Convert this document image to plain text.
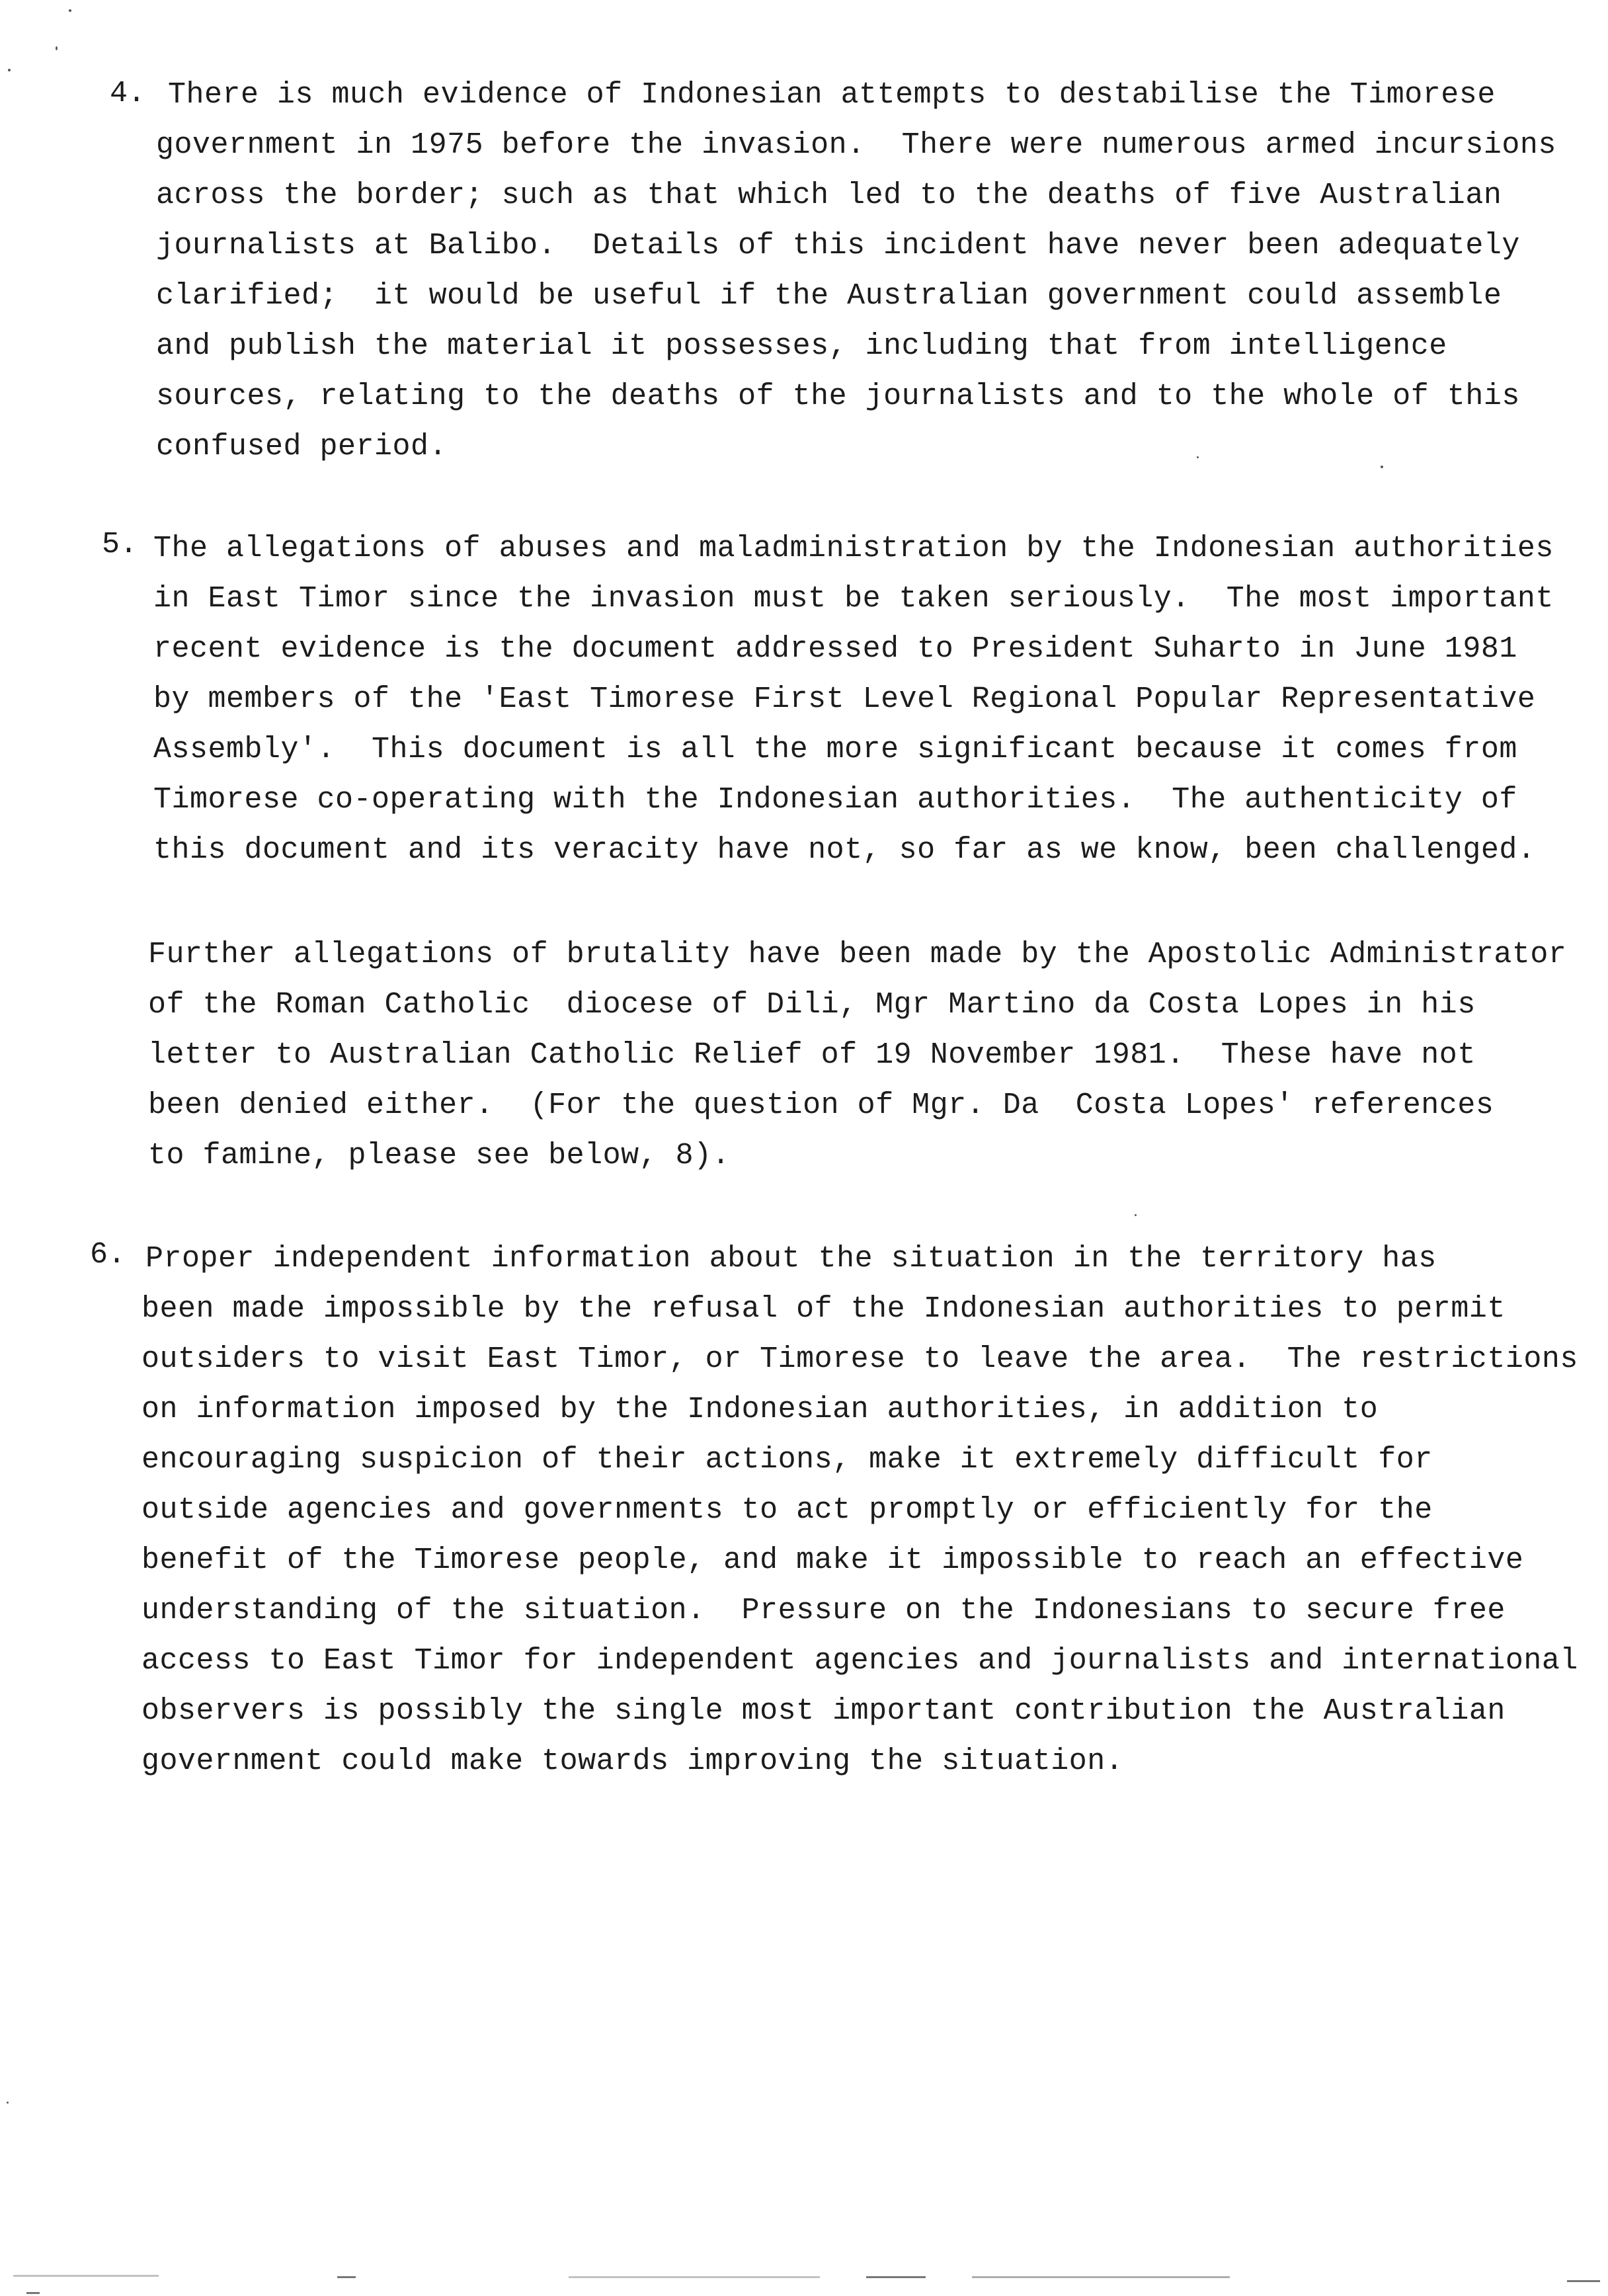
4. There is much evidence of Indonesian attempts to destabilise the Timorese
government in 1975 before the invasion.  There were numerous armed incursions
across the border; such as that which led to the deaths of five Australian
journalists at Balibo.  Details of this incident have never been adequately
clarified;  it would be useful if the Australian government could assemble
and publish the material it possesses, including that from intelligence
sources, relating to the deaths of the journalists and to the whole of this
confused period.
5. The allegations of abuses and maladministration by the Indonesian authorities
in East Timor since the invasion must be taken seriously.  The most important
recent evidence is the document addressed to President Suharto in June 1981
by members of the 'East Timorese First Level Regional Popular Representative
Assembly'.  This document is all the more significant because it comes from
Timorese co-operating with the Indonesian authorities.  The authenticity of
this document and its veracity have not, so far as we know, been challenged.
Further allegations of brutality have been made by the Apostolic Administrator
of the Roman Catholic  diocese of Dili, Mgr Martino da Costa Lopes in his
letter to Australian Catholic Relief of 19 November 1981.  These have not
been denied either.  (For the question of Mgr. Da  Costa Lopes' references
to famine, please see below, 8).
6. Proper independent information about the situation in the territory has
been made impossible by the refusal of the Indonesian authorities to permit
outsiders to visit East Timor, or Timorese to leave the area.  The restrictions
on information imposed by the Indonesian authorities, in addition to
encouraging suspicion of their actions, make it extremely difficult for
outside agencies and governments to act promptly or efficiently for the
benefit of the Timorese people, and make it impossible to reach an effective
understanding of the situation.  Pressure on the Indonesians to secure free
access to East Timor for independent agencies and journalists and international
observers is possibly the single most important contribution the Australian
government could make towards improving the situation.
